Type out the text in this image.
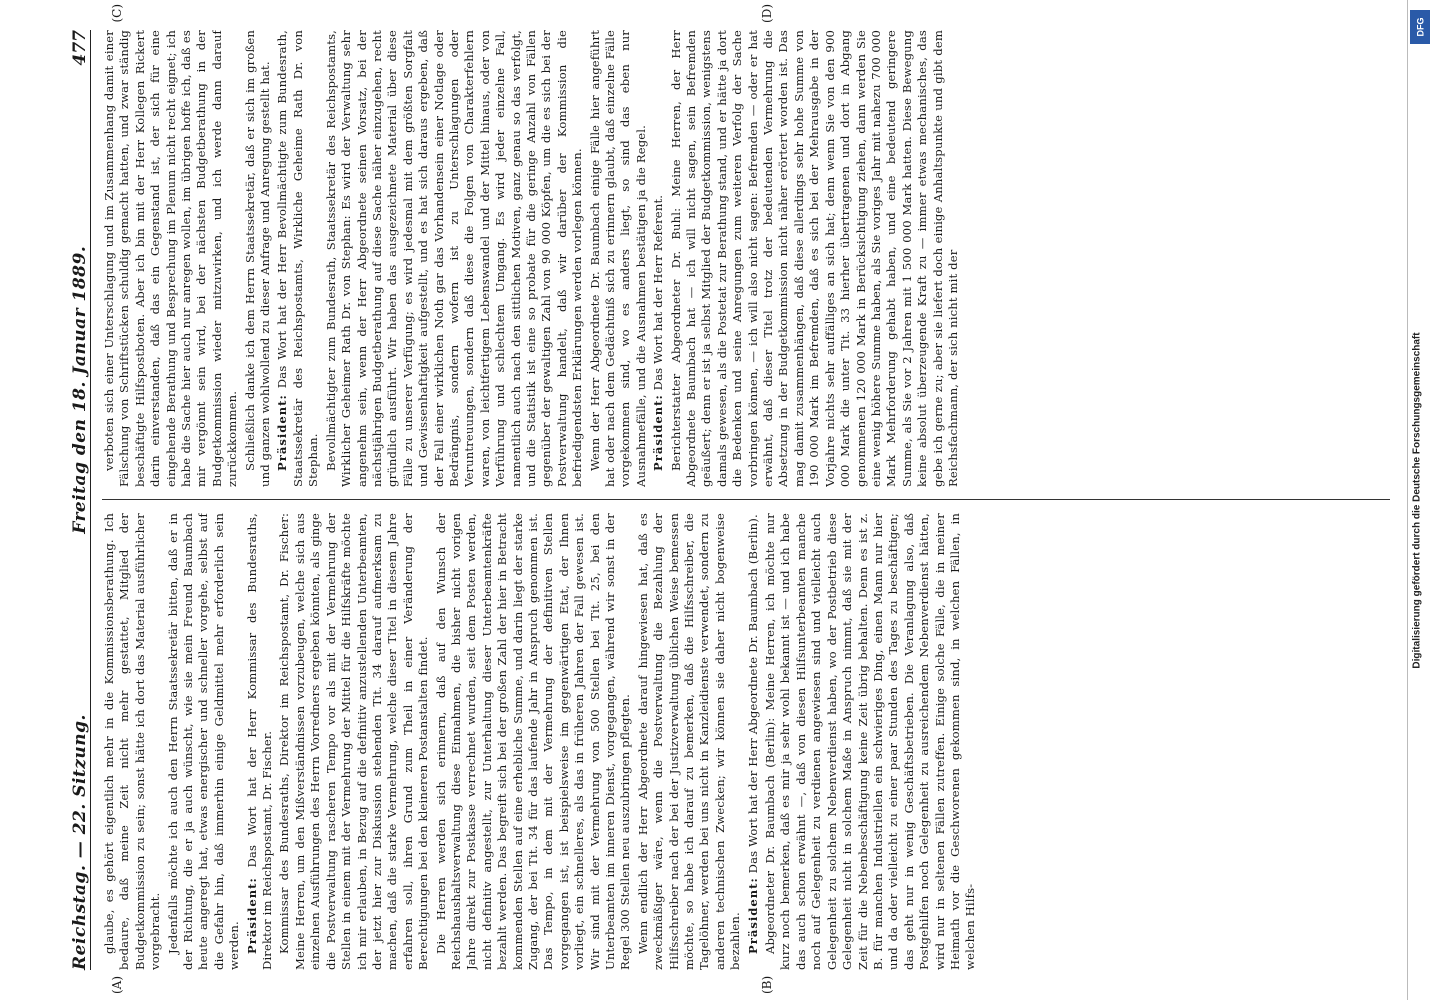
Reichstag. — 22. Sitzung.
Freitag den 18. Januar 1889.
477

glaube, es gehört eigentlich mehr in die Kommissionsberathung. Ich bedaure, daß meine Zeit nicht mehr gestattet, Mitglied der Budgetkommission zu sein; sonst hätte ich dort das Material ausführlicher vorgebracht. Jedenfalls möchte ich auch den Herrn Staatssekretär bitten, daß er in der Richtung, die er ja auch wünscht, wie sie mein Freund Baumbach heute angeregt hat, etwas energischer und schneller vorgehe, selbst auf die Gefahr hin, daß immerhin einige Geldmittel mehr erforderlich sein werden. Präsident: Das Wort hat der Herr Kommissar des Bundesraths, Direktor im Reichspostamt, Dr. Fischer. Kommissar des Bundesraths, Direktor im Reichspostamt, Dr. Fischer: Meine Herren, um den Mißverständnissen vorzubeugen, welche sich aus einzelnen Ausführungen des Herrn Vorredners ergeben könnten, als ginge die Postverwaltung rascheren Tempo vor als mit der Vermehrung der Stellen in einem mit der Vermehrung der Mittel für die Hilfskräfte möchte ich mir erlauben, in Bezug auf die definitiv anzustellenden Unterbeamten, der jetzt hier zur Diskussion stehenden Tit. 34 darauf aufmerksam zu machen, daß die starke Vermehrung, welche dieser Titel in diesem Jahre erfahren soll, ihren Grund zum Theil in einer Veränderung der Berechtigungen bei den kleineren Postanstalten findet. Die Herren werden sich erinnern, daß auf den Wunsch der Reichshaushaltsverwaltung diese Einnahmen, die bisher nicht vorigen Jahre direkt zur Postkasse verrechnet wurden, seit dem Posten werden, nicht definitiv angestellt, zur Unterhaltung dieser Unterbeamtenkräfte bezahlt werden. Das begreift sich bei der großen Zahl der hier in Betracht kommenden Stellen auf eine erhebliche Summe, und darin liegt der starke Zugang, der bei Tit. 34 für das laufende Jahr in Anspruch genommen ist. Das Tempo, in dem mit der Vermehrung der definitiven Stellen vorgegangen ist, ist beispielsweise im gegenwärtigen Etat, der Ihnen vorliegt, ein schnelleres, als das in früheren Jahren der Fall gewesen ist. Wir sind mit der Vermehrung von 500 Stellen bei Tit. 25, bei den Unterbeamten im inneren Dienst, vorgegangen, während wir sonst in der Regel 300 Stellen neu auszubringen pflegten. Wenn endlich der Herr Abgeordnete darauf hingewiesen hat, daß es zweckmäßiger wäre, wenn die Postverwaltung die Bezahlung der Hilfsschreiber nach der bei der Justizverwaltung üblichen Weise bemessen möchte, so habe ich darauf zu bemerken, daß die Hilfsschreiber, die Tagelöhner, werden bei uns nicht in Kanzleidienste verwendet, sondern zu anderen technischen Zwecken; wir können sie daher nicht bogenweise bezahlen. Präsident: Das Wort hat der Herr Abgeordnete Dr. Baumbach (Berlin). Abgeordneter Dr. Baumbach (Berlin): Meine Herren, ich möchte nur kurz noch bemerken, daß es mir ja sehr wohl bekannt ist — und ich habe das auch schon erwähnt —, daß von diesen Hilfsunterbeamten manche noch auf Gelegenheit zu verdienen angewiesen sind und vielleicht auch Gelegenheit zu solchem Nebenverdienst haben, wo der Postbetrieb diese Gelegenheit nicht in solchem Maße in Anspruch nimmt, daß sie mit der Zeit für die Nebenbeschäftigung keine Zeit übrig behalten. Denn es ist z. B. für manchen Industriellen ein schwieriges Ding, einen Mann nur hier und da oder vielleicht zu einer paar Stunden des Tages zu beschäftigen; das geht nur in wenig Geschäftsbetrieben. Die Veranlagung also, daß Postgehilfen noch Gelegenheit zu ausreichendem Nebenverdienst hätten, wird nur in seltenen Fällen zutreffen. Einige solche Fälle, die in meiner Heimath vor die Geschworenen gekommen sind, in welchen Fällen, in welchen Hilfs-

verboten sich einer Unterschlagung und im Zusammenhang damit einer Fälschung von Schriftstücken schuldig gemacht hatten, und zwar ständig beschäftigte Hilfspostboten. Aber ich bin mit der Herr Kollegen Rickert darin einverstanden, daß das ein Gegenstand ist, der sich für eine eingehende Berathung und Besprechung im Plenum nicht recht eignet; ich habe die Sache hier auch nur anregen wollen, im übrigen hoffe ich, daß es mir vergönnt sein wird, bei der nächsten Budgetberathung in der Budgetkommission wieder mitzuwirken, und ich werde dann darauf zurückkommen. Schließlich danke ich dem Herrn Staatssekretär, daß er sich im großen und ganzen wohlwollend zu dieser Anfrage und Anregung gestellt hat. Präsident: Das Wort hat der Herr Bevollmächtigte zum Bundesrath, Staatssekretär des Reichspostamts, Wirkliche Geheime Rath Dr. von Stephan. Bevollmächtigter zum Bundesrath, Staatssekretär des Reichspostamts, Wirklicher Geheimer Rath Dr. von Stephan: Es wird der Verwaltung sehr angenehm sein, wenn der Herr Abgeordnete seinen Vorsatz, bei der nächstjährigen Budgetberathung auf diese Sache näher einzugehen, recht gründlich ausführt. Wir haben das ausgezeichnete Material über diese Fälle zu unserer Verfügung; es wird jedesmal mit dem größten Sorgfalt und Gewissenhaftigkeit aufgestellt, und es hat sich daraus ergeben, daß der Fall einer wirklichen Noth gar das Vorhandensein einer Notlage oder Bedrängnis, sondern wofern ist zu Unterschlagungen oder Veruntreuungen, sondern daß diese die Folgen von Charakterfehlern waren, von leichtfertigem Lebenswandel und der Mittel hinaus, oder von Verführung und schlechtem Umgang. Es wird jeder einzelne Fall, namentlich auch nach den sittlichen Motiven, ganz genau so das verfolgt, und die Statistik ist eine so probate für die geringe Anzahl von Fällen gegenüber der gewaltigen Zahl von 90 000 Köpfen, um die es sich bei der Postverwaltung handelt, daß wir darüber der Kommission die befriedigendsten Erklärungen werden vorlegen können. Wenn der Herr Abgeordnete Dr. Baumbach einige Fälle hier angeführt hat oder nach dem Gedächtniß sich zu erinnern glaubt, daß einzelne Fälle vorgekommen sind, wo es anders liegt, so sind das eben nur Ausnahmefälle, und die Ausnahmen bestätigen ja die Regel. Präsident: Das Wort hat der Herr Referent. Berichterstatter Abgeordneter Dr. Buhl: Meine Herren, der Herr Abgeordnete Baumbach hat — ich will nicht sagen, sein Befremden geäußert; denn er ist ja selbst Mitglied der Budgetkommission, wenigstens damals gewesen, als die Postetat zur Berathung stand, und er hätte ja dort die Bedenken und seine Anregungen zum weiteren Verfolg der Sache vorbringen können, — ich will also nicht sagen: Befremden — oder er hat erwähnt, daß dieser Titel trotz der bedeutenden Vermehrung die Absetzung in der Budgetkommission nicht näher erörtert worden ist. Das mag damit zusammenhängen, daß diese allerdings sehr hohe Summe von 190 000 Mark im Befremden, daß es sich bei der Mehrausgabe in der Vorjahre nichts sehr auffälliges an sich hat; denn wenn Sie von den 900 000 Mark die unter Tit. 33 hierher übertragenen und dort in Abgang genommenen 120 000 Mark in Berücksichtigung ziehen, dann werden Sie eine wenig höhere Summe haben, als Sie voriges Jahr mit nahezu 700 000 Mark Mehrforderung gehabt haben, und eine bedeutend geringere Summe, als Sie vor 2 Jahren mit 1 500 000 Mark hatten. Diese Bewegung keine absolut überzeugende Kraft zu — immer etwas mechanisches, das gebe ich gerne zu; aber sie liefert doch einige Anhaltspunkte und gibt dem Reichsfachmann, der sich nicht mit der

(A)	(B)
(C)	(D)
DFG
Digitalisierung gefördert durch die Deutsche Forschungsgemeinschaft
